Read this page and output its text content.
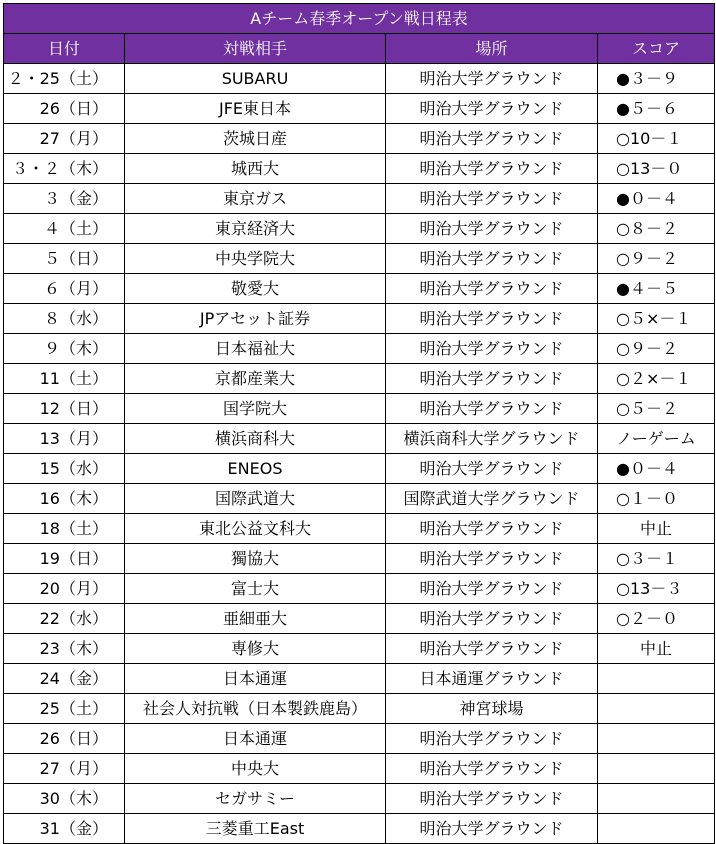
Aチーム春季オープン戦日程表			
日付	対戦相手	場所	スコア
２・25（土）	SUBARU	明治大学グラウンド	●３－９
26（日）	JFE東日本	明治大学グラウンド	●５－６
27（月）	茨城日産	明治大学グラウンド	○10－１
３・２（木）	城西大	明治大学グラウンド	○13－０
３（金）	東京ガス	明治大学グラウンド	●０－４
４（土）	東京経済大	明治大学グラウンド	○８－２
５（日）	中央学院大	明治大学グラウンド	○９－２
６（月）	敬愛大	明治大学グラウンド	●４－５
８（水）	JPアセット証券	明治大学グラウンド	○５×－１
９（木）	日本福祉大	明治大学グラウンド	○９－２
11（土）	京都産業大	明治大学グラウンド	○２×－１
12（日）	国学院大	明治大学グラウンド	○５－２
13（月）	横浜商科大	横浜商科大学グラウンド	ノーゲーム
15（水）	ENEOS	明治大学グラウンド	●０－４
16（木）	国際武道大	国際武道大学グラウンド	○１－０
18（土）	東北公益文科大	明治大学グラウンド	中止
19（日）	獨協大	明治大学グラウンド	○３－１
20（月）	富士大	明治大学グラウンド	○13－３
22（水）	亜細亜大	明治大学グラウンド	○２－０
23（木）	専修大	明治大学グラウンド	中止
24（金）	日本通運	日本通運グラウンド	
25（土）	社会人対抗戦（日本製鉄鹿島）	神宮球場	
26（日）	日本通運	明治大学グラウンド	
27（月）	中央大	明治大学グラウンド	
30（木）	セガサミー	明治大学グラウンド	
31（金）	三菱重工East	明治大学グラウンド	
